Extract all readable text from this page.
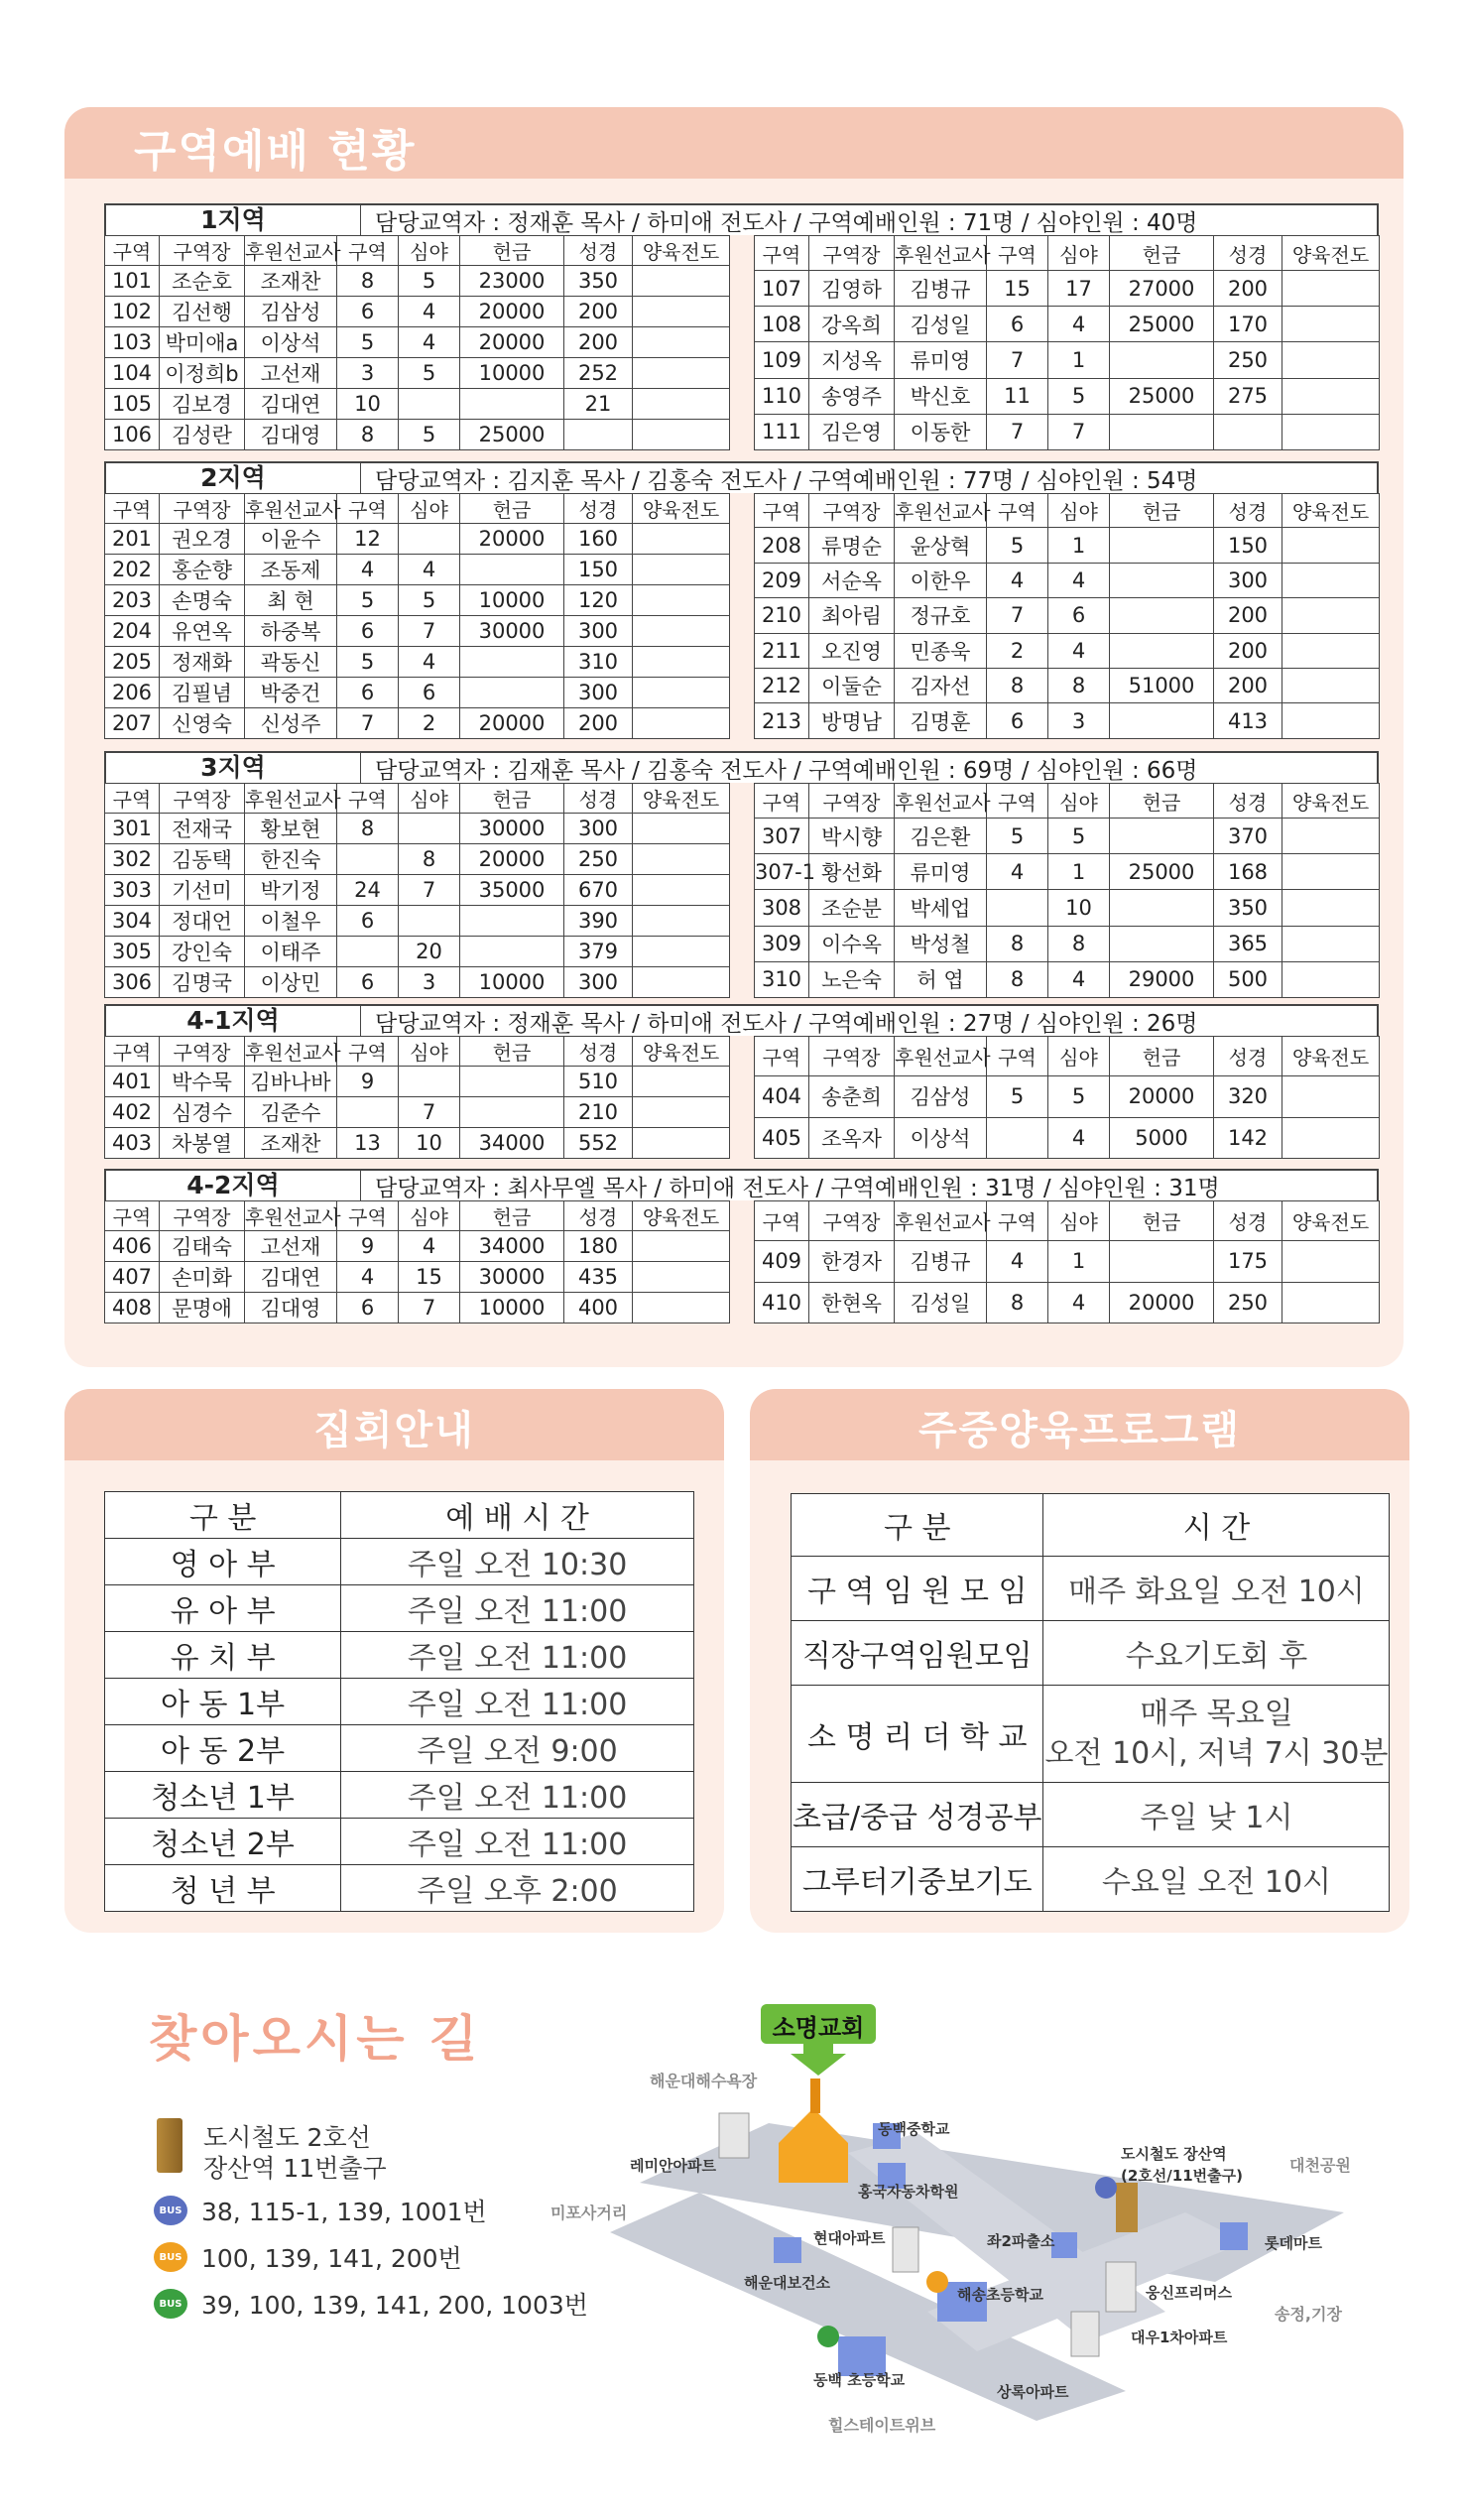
구역예배 현황
1지역	담당교역자 : 정재훈 목사 / 하미애 전도사 / 구역예배인원 : 71명 / 심야인원 : 40명
구역	구역장	후원선교사	구역	심야	헌금	성경	양육전도
101	조순호	조재찬	8	5	23000	350	
102	김선행	김삼성	6	4	20000	200	
103	박미애a	이상석	5	4	20000	200	
104	이정희b	고선재	3	5	10000	252	
105	김보경	김대연	10			21	
106	김성란	김대영	8	5	25000		
구역	구역장	후원선교사	구역	심야	헌금	성경	양육전도
107	김영하	김병규	15	17	27000	200	
108	강옥희	김성일	6	4	25000	170	
109	지성옥	류미영	7	1		250	
110	송영주	박신호	11	5	25000	275	
111	김은영	이동한	7	7			
2지역	담당교역자 : 김지훈 목사 / 김홍숙 전도사 / 구역예배인원 : 77명 / 심야인원 : 54명
구역	구역장	후원선교사	구역	심야	헌금	성경	양육전도
201	권오경	이윤수	12		20000	160	
202	홍순향	조동제	4	4		150	
203	손명숙	최 현	5	5	10000	120	
204	유연옥	하중복	6	7	30000	300	
205	정재화	곽동신	5	4		310	
206	김필념	박중건	6	6		300	
207	신영숙	신성주	7	2	20000	200	
구역	구역장	후원선교사	구역	심야	헌금	성경	양육전도
208	류명순	윤상혁	5	1		150	
209	서순옥	이한우	4	4		300	
210	최아림	정규호	7	6		200	
211	오진영	민종욱	2	4		200	
212	이둘순	김자선	8	8	51000	200	
213	방명남	김명훈	6	3		413	
3지역	담당교역자 : 김재훈 목사 / 김홍숙 전도사 / 구역예배인원 : 69명 / 심야인원 : 66명
구역	구역장	후원선교사	구역	심야	헌금	성경	양육전도
301	전재국	황보현	8		30000	300	
302	김동택	한진숙		8	20000	250	
303	기선미	박기정	24	7	35000	670	
304	정대언	이철우	6			390	
305	강인숙	이태주		20		379	
306	김명국	이상민	6	3	10000	300	
구역	구역장	후원선교사	구역	심야	헌금	성경	양육전도
307	박시향	김은환	5	5		370	
307-1	황선화	류미영	4	1	25000	168	
308	조순분	박세업		10		350	
309	이수옥	박성철	8	8		365	
310	노은숙	허 엽	8	4	29000	500	
4-1지역	담당교역자 : 정재훈 목사 / 하미애 전도사 / 구역예배인원 : 27명 / 심야인원 : 26명
구역	구역장	후원선교사	구역	심야	헌금	성경	양육전도
401	박수묵	김바나바	9			510	
402	심경수	김준수		7		210	
403	차봉열	조재찬	13	10	34000	552	
구역	구역장	후원선교사	구역	심야	헌금	성경	양육전도
404	송춘희	김삼성	5	5	20000	320	
405	조옥자	이상석		4	5000	142	
4-2지역	담당교역자 : 최사무엘 목사 / 하미애 전도사 / 구역예배인원 : 31명 / 심야인원 : 31명
구역	구역장	후원선교사	구역	심야	헌금	성경	양육전도
406	김태숙	고선재	9	4	34000	180	
407	손미화	김대연	4	15	30000	435	
408	문명애	김대영	6	7	10000	400	
구역	구역장	후원선교사	구역	심야	헌금	성경	양육전도
409	한경자	김병규	4	1		175	
410	한현옥	김성일	8	4	20000	250	
집회안내
구 분	예 배 시 간
영 아 부	주일 오전 10:30
유 아 부	주일 오전 11:00
유 치 부	주일 오전 11:00
아 동 1부	주일 오전 11:00
아 동 2부	주일 오전 9:00
청소년 1부	주일 오전 11:00
청소년 2부	주일 오전 11:00
청 년 부	주일 오후 2:00
주중양육프로그램
구 분	시 간
구 역 임 원 모 임	매주 화요일 오전 10시
직장구역임원모임	수요기도회 후
소 명 리 더 학 교	매주 목요일
오전 10시, 저녁 7시 30분

초급/중급 성경공부	주일 낮 1시
그루터기중보기도	수요일 오전 10시
찾아오시는 길
도시철도 2호선
장산역 11번출구
BUS 38, 115-1, 139, 1001번
BUS 100, 139, 141, 200번
BUS 39, 100, 139, 141, 200, 1003번
소명교회
해운대해수욕장
동백중학교
레미안아파트
홍국자동차학원
도시철도 장산역
(2호선/11번출구)
대천공원
미포사거리
현대아파트	좌2파출소	롯데마트
해운대보건소
해송초등학교	웅신프리머스
송정,기장
대우1차아파트
동백 초등학교
상록아파트
힐스테이트위브
